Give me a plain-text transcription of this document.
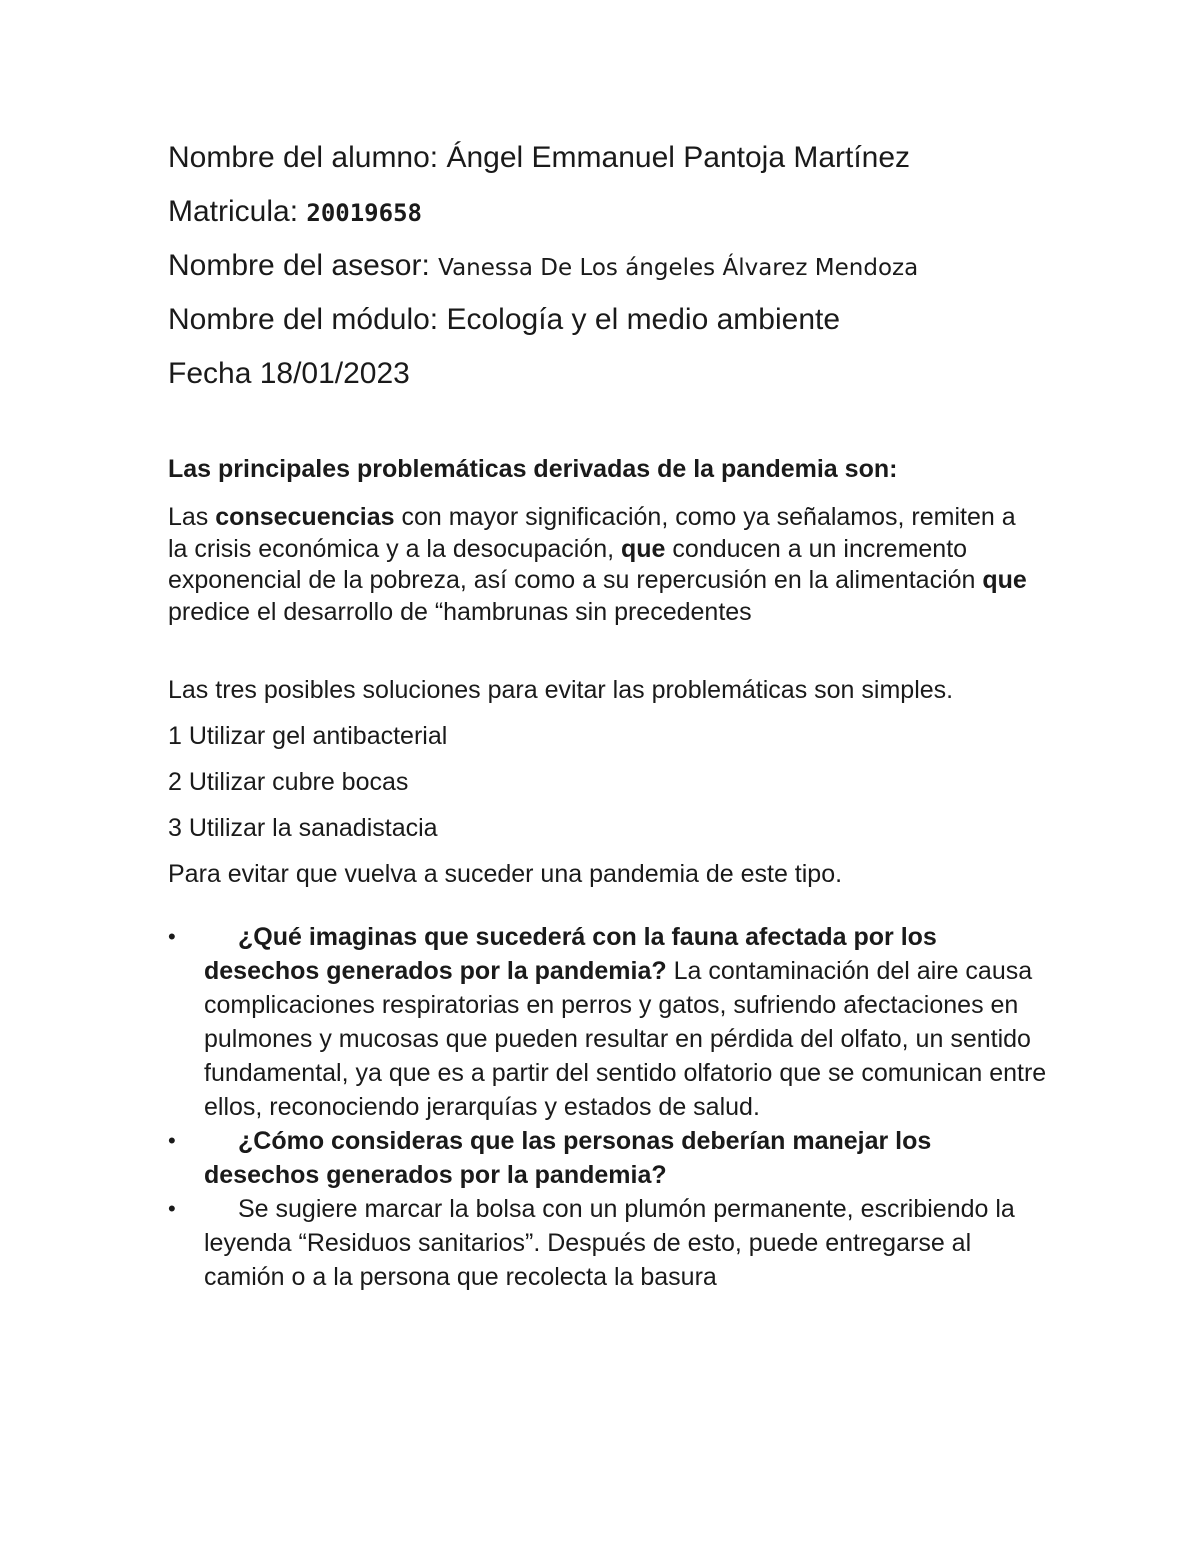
Nombre del alumno: Ángel Emmanuel Pantoja Martínez
Matricula: 20019658
Nombre del asesor: Vanessa De Los ángeles Álvarez Mendoza
Nombre del módulo: Ecología y el medio ambiente
Fecha 18/01/2023
Las principales problemáticas derivadas de la pandemia son:
Las consecuencias con mayor significación, como ya señalamos, remiten a la crisis económica y a la desocupación, que conducen a un incremento exponencial de la pobreza, así como a su repercusión en la alimentación que predice el desarrollo de “hambrunas sin precedentes
Las tres posibles soluciones para evitar las problemáticas son simples.
1 Utilizar gel antibacterial
2 Utilizar cubre bocas
3 Utilizar la sanadistacia
Para evitar que vuelva a suceder una pandemia de este tipo.
• ¿Qué imaginas que sucederá con la fauna afectada por los desechos generados por la pandemia? La contaminación del aire causa complicaciones respiratorias en perros y gatos, sufriendo afectaciones en pulmones y mucosas que pueden resultar en pérdida del olfato, un sentido fundamental, ya que es a partir del sentido olfatorio que se comunican entre ellos, reconociendo jerarquías y estados de salud.
• ¿Cómo consideras que las personas deberían manejar los desechos generados por la pandemia?
• Se sugiere marcar la bolsa con un plumón permanente, escribiendo la leyenda “Residuos sanitarios”. Después de esto, puede entregarse al camión o a la persona que recolecta la basura
